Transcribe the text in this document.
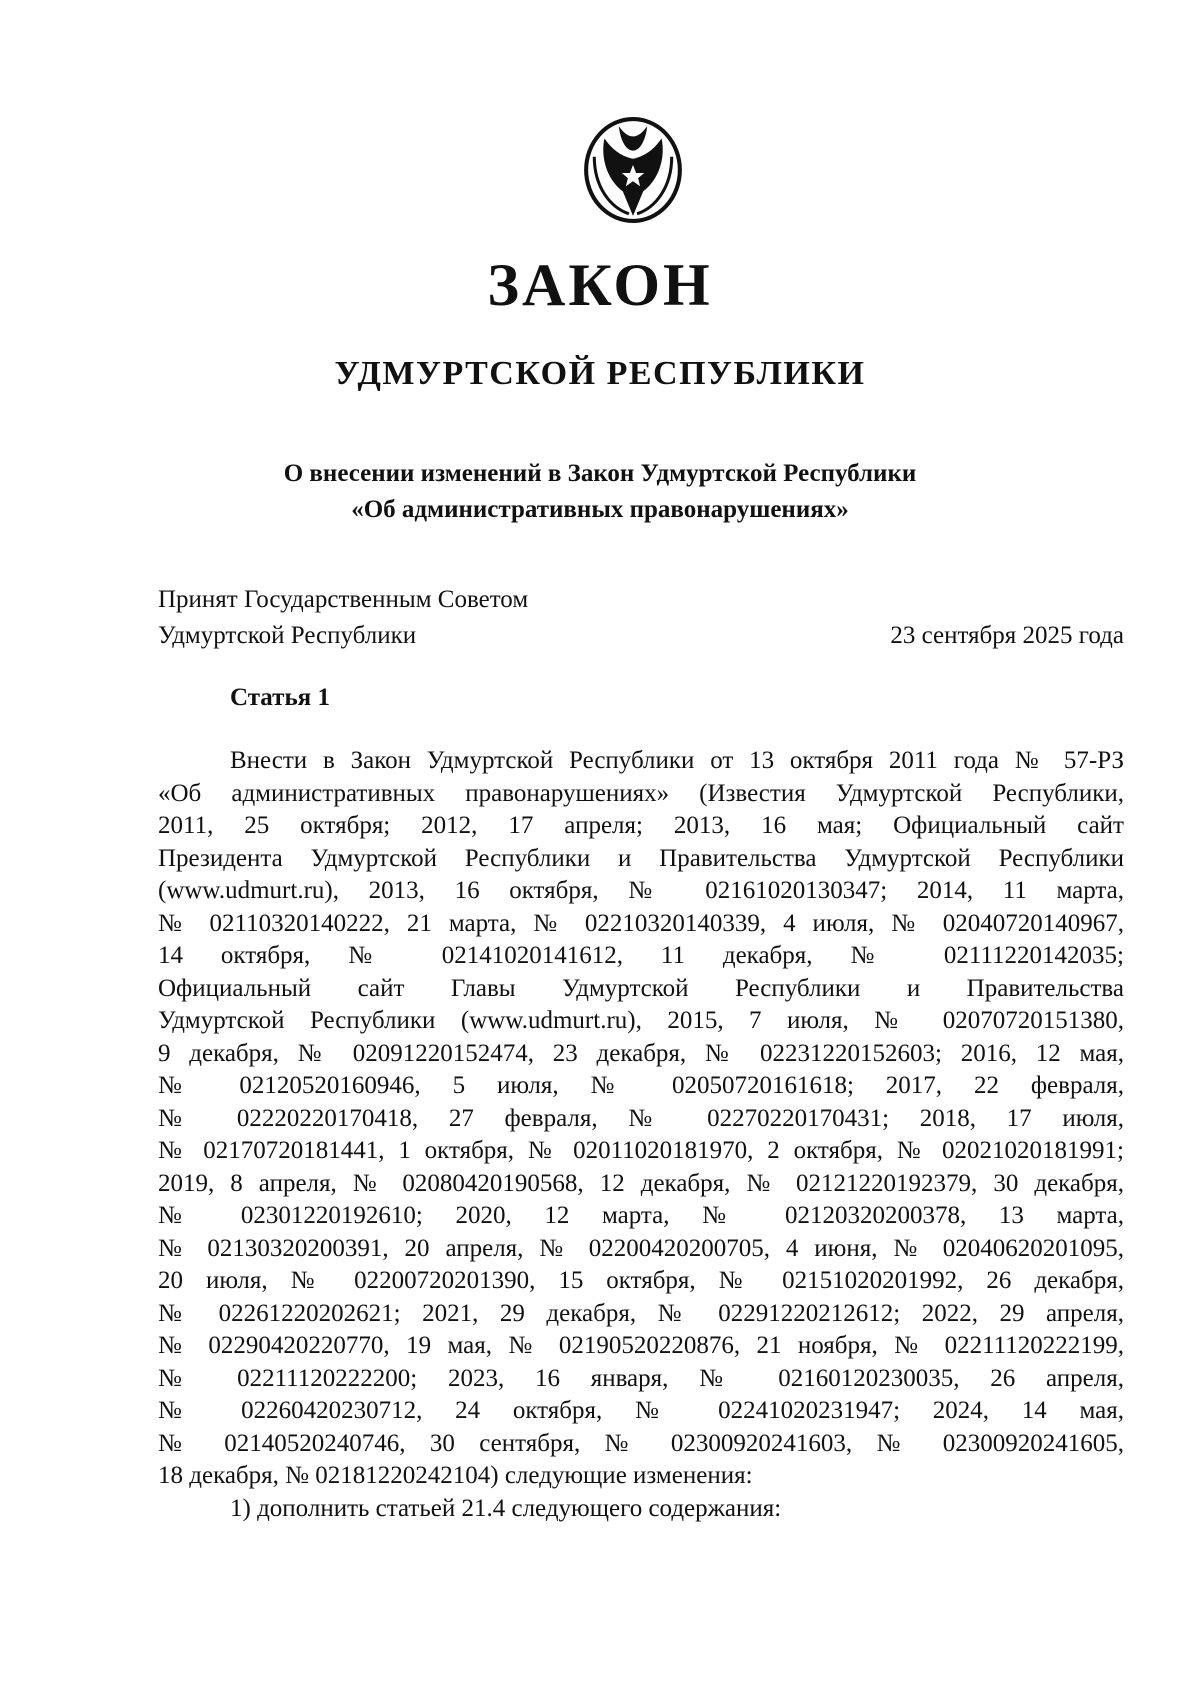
ЗАКОН
УДМУРТСКОЙ РЕСПУБЛИКИ
О внесении изменений в Закон Удмуртской Республики
«Об административных правонарушениях»
Принят Государственным Советом
Удмуртской Республики	23 сентября 2025 года
Статья 1
Внести в Закон Удмуртской Республики от 13 октября 2011 года № 57-РЗ
«Об административных правонарушениях» (Известия Удмуртской Республики,
2011, 25 октября; 2012, 17 апреля; 2013, 16 мая; Официальный сайт
Президента Удмуртской Республики и Правительства Удмуртской Республики
(www.udmurt.ru), 2013, 16 октября, № 02161020130347; 2014, 11 марта,
№ 02110320140222, 21 марта, № 02210320140339, 4 июля, № 02040720140967,
14 октября, № 02141020141612, 11 декабря, № 02111220142035;
Официальный сайт Главы Удмуртской Республики и Правительства
Удмуртской Республики (www.udmurt.ru), 2015, 7 июля, № 02070720151380,
9 декабря, № 02091220152474, 23 декабря, № 02231220152603; 2016, 12 мая,
№ 02120520160946, 5 июля, № 02050720161618; 2017, 22 февраля,
№ 02220220170418, 27 февраля, № 02270220170431; 2018, 17 июля,
№ 02170720181441, 1 октября, № 02011020181970, 2 октября, № 02021020181991;
2019, 8 апреля, № 02080420190568, 12 декабря, № 02121220192379, 30 декабря,
№ 02301220192610; 2020, 12 марта, № 02120320200378, 13 марта,
№ 02130320200391, 20 апреля, № 02200420200705, 4 июня, № 02040620201095,
20 июля, № 02200720201390, 15 октября, № 02151020201992, 26 декабря,
№ 02261220202621; 2021, 29 декабря, № 02291220212612; 2022, 29 апреля,
№ 02290420220770, 19 мая, № 02190520220876, 21 ноября, № 02211120222199,
№ 02211120222200; 2023, 16 января, № 02160120230035, 26 апреля,
№ 02260420230712, 24 октября, № 02241020231947; 2024, 14 мая,
№ 02140520240746, 30 сентября, № 02300920241603, № 02300920241605,
18 декабря, № 02181220242104) следующие изменения:
1) дополнить статьей 21.4 следующего содержания:
